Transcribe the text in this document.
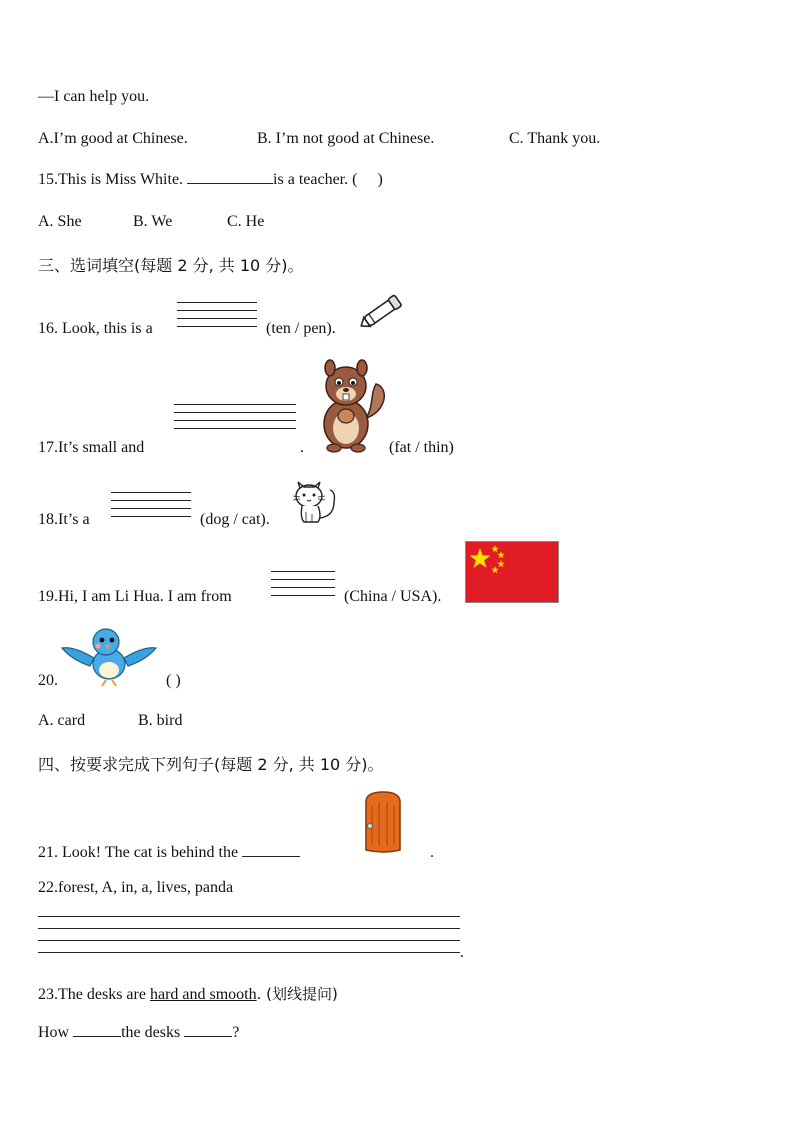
—I can help you.
A.I’m good at Chinese.	B. I’m not good at Chinese.	C. Thank you.
15.This is Miss White.	is a teacher. ( )
A. She	B. We	C. He
三、选词填空(每题 2 分, 共 10 分)。
16. Look, this is a	(ten / pen).
17.It’s small and	.	(fat / thin)
18.It’s a	(dog / cat).
19.Hi, I am Li Hua. I am from	(China / USA).
20.	( )
A. card	B. bird
四、按要求完成下列句子(每题 2 分, 共 10 分)。
21. Look! The cat is behind the	.
22.forest, A, in, a, lives, panda
.
23.The desks are hard and smooth. (划线提问)
How	the desks	?
